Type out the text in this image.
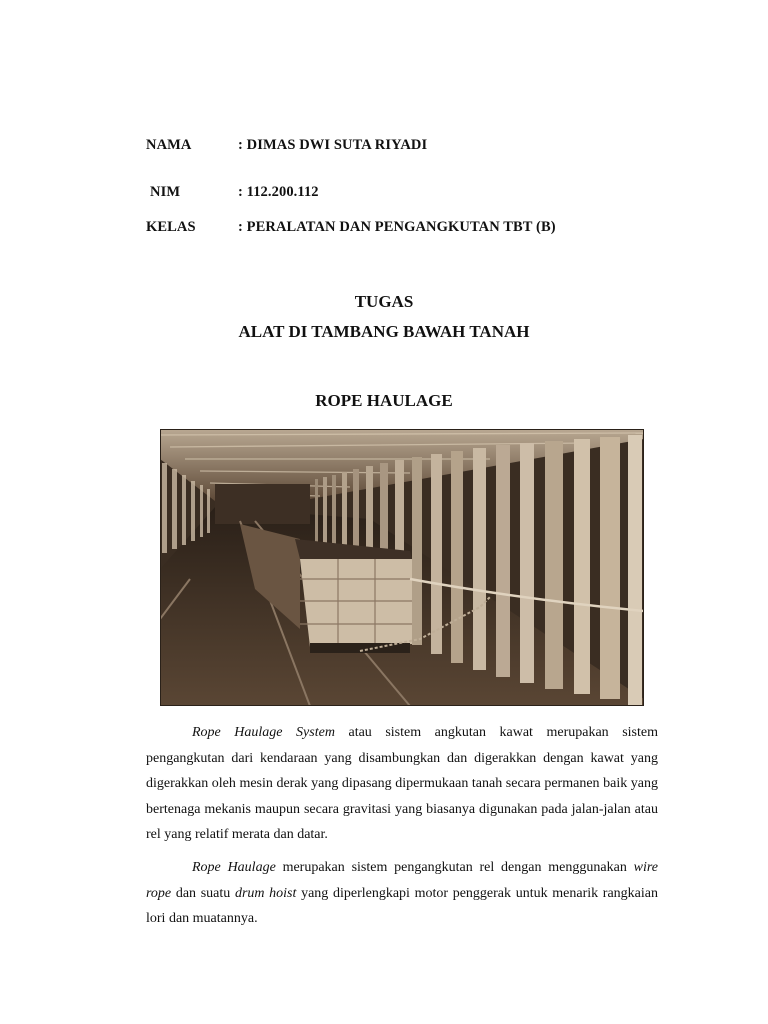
NAMA	: DIMAS DWI SUTA RIYADI
NIM	: 112.200.112
KELAS	: PERALATAN DAN PENGANGKUTAN TBT (B)
TUGAS
ALAT DI TAMBANG BAWAH TANAH
ROPE HAULAGE

Rope Haulage System atau sistem angkutan kawat merupakan sistem pengangkutan dari kendaraan yang disambungkan dan digerakkan dengan kawat yang digerakkan oleh mesin derak yang dipasang dipermukaan tanah secara permanen baik yang bertenaga mekanis maupun secara gravitasi yang biasanya digunakan pada jalan-jalan atau rel yang relatif merata dan datar.

Rope Haulage merupakan sistem pengangkutan rel dengan menggunakan wire rope dan suatu drum hoist yang diperlengkapi motor penggerak untuk menarik rangkaian lori dan muatannya.
